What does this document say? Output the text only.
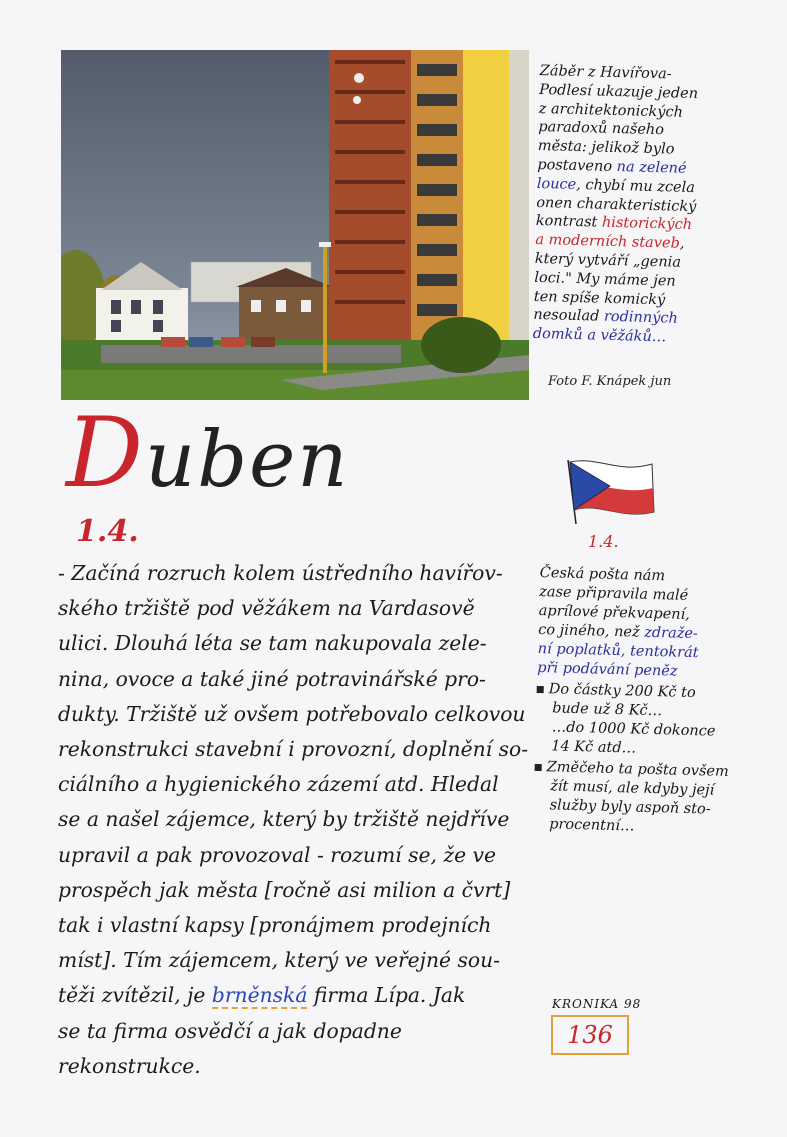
Záběr z Havířova-

Podlesí ukazuje jeden

z architektonických

paradoxů našeho

města: jelikož bylo

postaveno na zelené

louce, chybí mu zcela

onen charakteristický

kontrast historických

a moderních staveb,

který vytváří „genia

loci." My máme jen

ten spíše komický

nesoulad rodinných

domků a věžáků…

Foto F. Knápek jun
Duben
1.4.
1.4.

- Začíná rozruch kolem ústředního havířov-

ského tržiště pod věžákem na Vardasově

ulici. Dlouhá léta se tam nakupovala zele-

nina, ovoce a také jiné potravinářské pro-

dukty. Tržiště už ovšem potřebovalo celkovou

rekonstrukci stavební i provozní, doplnění so-

ciálního a hygienického zázemí atd. Hledal

se a našel zájemce, který by tržiště nejdříve

upravil a pak provozoval - rozumí se, že ve

prospěch jak města [ročně asi milion a čvrt]

tak i vlastní kapsy [pronájmem prodejních

míst]. Tím zájemcem, který ve veřejné sou-

těži zvítězil, je brněnská firma Lípa. Jak

se ta firma osvědčí a jak dopadne rekonstrukce.

Česká pošta nám

zase připravila malé

aprílové překvapení,

co jiného, než zdraže-

ní poplatků, tentokrát

při podávání peněz

Do částky 200 Kč to

bude už 8 Kč…

…do 1000 Kč dokonce

14 Kč atd…

Změčeho ta pošta ovšem

žít musí, ale kdyby její

služby byly aspoň sto-

procentní…

KRONIKA 98
136
